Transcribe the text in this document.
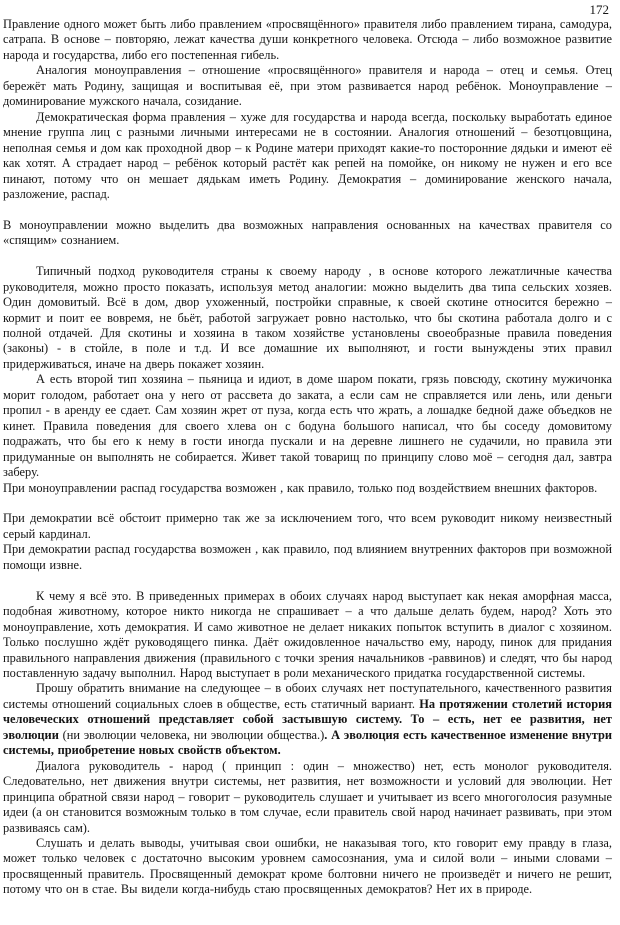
172

Правление одного может быть либо правлением «просвящённого» правителя либо правлением тирана, самодура, сатрапа. В основе – повторяю, лежат качества души конкретного человека. Отсюда – либо возможное развитие народа и государства, либо его постепенная гибель.

Аналогия моноуправления – отношение «просвящённого» правителя и народа – отец и семья. Отец бережёт мать Родину, защищая и воспитывая её, при этом развивается народ ребёнок. Моноуправление – доминирование мужского начала, созидание.

Демократическая форма правления – хуже для государства и народа всегда, поскольку выработать единое мнение группа лиц с разными личными интересами не в состоянии. Аналогия отношений – безотцовщина, неполная семья и дом как проходной двор – к Родине матери приходят какие-то посторонние дядьки и имеют её как хотят. А страдает народ – ребёнок который растёт как репей на помойке, он никому не нужен и его все пинают, потому что он мешает дядькам иметь Родину. Демократия – доминирование женского начала, разложение, распад.

В моноуправлении можно выделить два возможных направления основанных на качествах правителя со «спящим» сознанием.

Типичный подход руководителя страны к своему народу , в основе которого лежатличные качества руководителя, можно просто показать, используя метод аналогии: можно выделить два типа сельских хозяев. Один домовитый. Всё в дом, двор ухоженный, постройки справные, к своей скотине относится бережно – кормит и поит ее вовремя, не бьёт, работой загружает ровно настолько, что бы скотина работала долго и с полной отдачей. Для скотины и хозяина в таком хозяйстве установлены своеобразные правила поведения (законы) - в стойле, в поле и т.д. И все домашние их выполняют, и гости вынуждены этих правил придерживаться, иначе на дверь покажет хозяин.

А есть второй тип хозяина – пьяница и идиот, в доме шаром покати, грязь повсюду, скотину мужичонка морит голодом, работает она у него от рассвета до заката, а если сам не справляется или лень, или деньги пропил - в аренду ее сдает. Сам хозяин жрет от пуза, когда есть что жрать, а лошадке бедной даже объедков не кинет. Правила поведения для своего хлева он с бодуна большого написал, что бы соседу домовитому подражать, что бы его к нему в гости иногда пускали и на деревне лишнего не судачили, но правила эти придуманные он выполнять не собирается. Живет такой товарищ по принципу слово моё – сегодня дал, завтра заберу.

При моноуправлении распад государства возможен , как правило, только под воздействием внешних факторов.

При демократии всё обстоит примерно так же за исключением того, что всем руководит никому неизвестный серый кардинал.

При демократии распад государства возможен , как правило, под влиянием внутренних факторов при возможной помощи извне.

К чему я всё это. В приведенных примерах в обоих случаях народ выступает как некая аморфная масса, подобная животному, которое никто никогда не спрашивает – а что дальше делать будем, народ? Хоть это моноуправление, хоть демократия. И само животное не делает никаких попыток вступить в диалог с хозяином. Только послушно ждёт руководящего пинка. Даёт ожидовленное начальство ему, народу, пинок для придания правильного направления движения (правильного с точки зрения начальников -раввинов) и следят, что бы народ поставленную задачу выполнил. Народ выступает в роли механического придатка государственной системы.

Прошу обратить внимание на следующее – в обоих случаях нет поступательного, качественного развития системы отношений социальных слоев в обществе, есть статичный вариант. На протяжении столетий история человеческих отношений представляет собой застывшую систему. То – есть, нет ее развития, нет эволюции (ни эволюции человека, ни эволюции общества.). А эволюция есть качественное изменение внутри системы, приобретение новых свойств объектом.

Диалога руководитель - народ ( принцип : один – множество) нет, есть монолог руководителя. Следовательно, нет движения внутри системы, нет развития, нет возможности и условий для эволюции. Нет принципа обратной связи народ – говорит – руководитель слушает и учитывает из всего многоголосия разумные идеи (а он становится возможным только в том случае, если правитель свой народ начинает развивать, при этом развиваясь сам).

Слушать и делать выводы, учитывая свои ошибки, не наказывая того, кто говорит ему правду в глаза, может только человек с достаточно высоким уровнем самосознания, ума и силой воли – иными словами – просвященный правитель. Просвященный демократ кроме болтовни ничего не произведёт и ничего не решит, потому что он в стае. Вы видели когда-нибудь стаю просвященных демократов? Нет их в природе.
